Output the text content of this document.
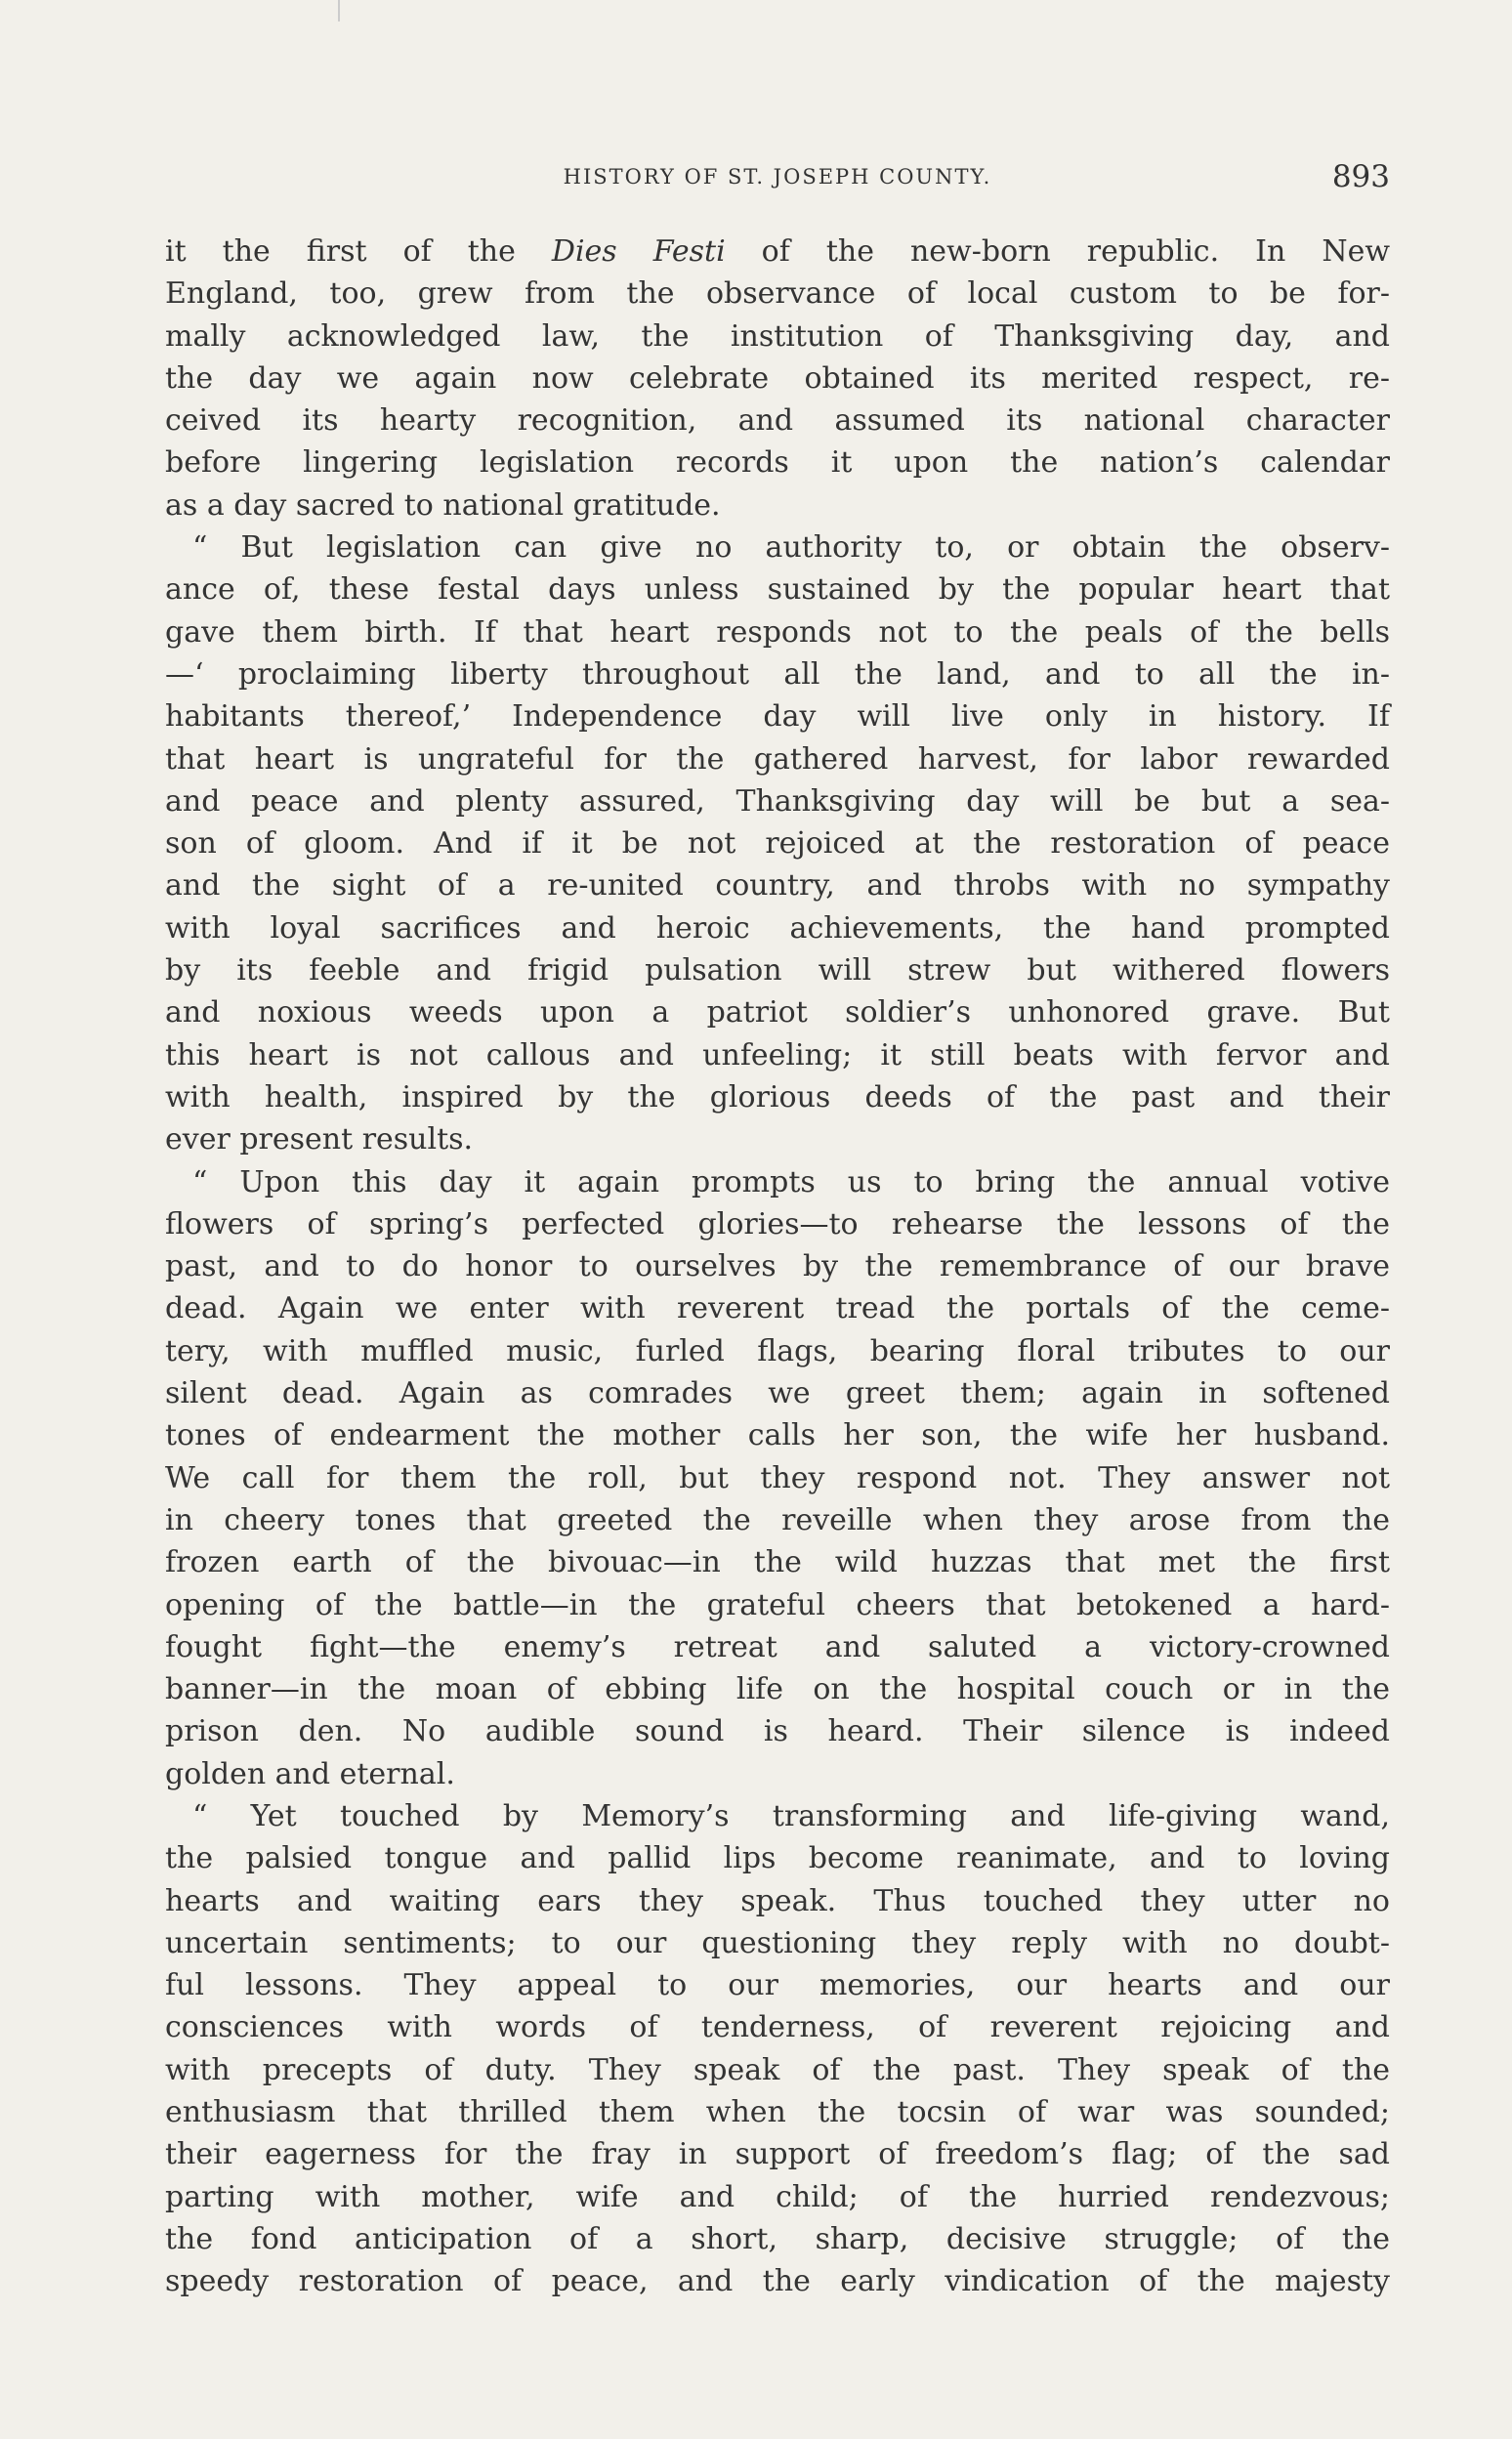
HISTORY OF ST. JOSEPH COUNTY.	893
it the first of the Dies Festi of the new-born republic. In New
England, too, grew from the observance of local custom to be for-
mally acknowledged law, the institution of Thanksgiving day, and
the day we again now celebrate obtained its merited respect, re-
ceived its hearty recognition, and assumed its national character
before lingering legislation records it upon the nation’s calendar
as a day sacred to national gratitude.
“ But legislation can give no authority to, or obtain the observ-
ance of, these festal days unless sustained by the popular heart that
gave them birth. If that heart responds not to the peals of the bells
—‘ proclaiming liberty throughout all the land, and to all the in-
habitants thereof,’ Independence day will live only in history. If
that heart is ungrateful for the gathered harvest, for labor rewarded
and peace and plenty assured, Thanksgiving day will be but a sea-
son of gloom. And if it be not rejoiced at the restoration of peace
and the sight of a re-united country, and throbs with no sympathy
with loyal sacrifices and heroic achievements, the hand prompted
by its feeble and frigid pulsation will strew but withered flowers
and noxious weeds upon a patriot soldier’s unhonored grave. But
this heart is not callous and unfeeling; it still beats with fervor and
with health, inspired by the glorious deeds of the past and their
ever present results.
“ Upon this day it again prompts us to bring the annual votive
flowers of spring’s perfected glories—to rehearse the lessons of the
past, and to do honor to ourselves by the remembrance of our brave
dead. Again we enter with reverent tread the portals of the ceme-
tery, with muffled music, furled flags, bearing floral tributes to our
silent dead. Again as comrades we greet them; again in softened
tones of endearment the mother calls her son, the wife her husband.
We call for them the roll, but they respond not. They answer not
in cheery tones that greeted the reveille when they arose from the
frozen earth of the bivouac—in the wild huzzas that met the first
opening of the battle—in the grateful cheers that betokened a hard-
fought fight—the enemy’s retreat and saluted a victory-crowned
banner—in the moan of ebbing life on the hospital couch or in the
prison den. No audible sound is heard. Their silence is indeed
golden and eternal.
“ Yet touched by Memory’s transforming and life-giving wand,
the palsied tongue and pallid lips become reanimate, and to loving
hearts and waiting ears they speak. Thus touched they utter no
uncertain sentiments; to our questioning they reply with no doubt-
ful lessons. They appeal to our memories, our hearts and our
consciences with words of tenderness, of reverent rejoicing and
with precepts of duty. They speak of the past. They speak of the
enthusiasm that thrilled them when the tocsin of war was sounded;
their eagerness for the fray in support of freedom’s flag; of the sad
parting with mother, wife and child; of the hurried rendezvous;
the fond anticipation of a short, sharp, decisive struggle; of the
speedy restoration of peace, and the early vindication of the majesty
